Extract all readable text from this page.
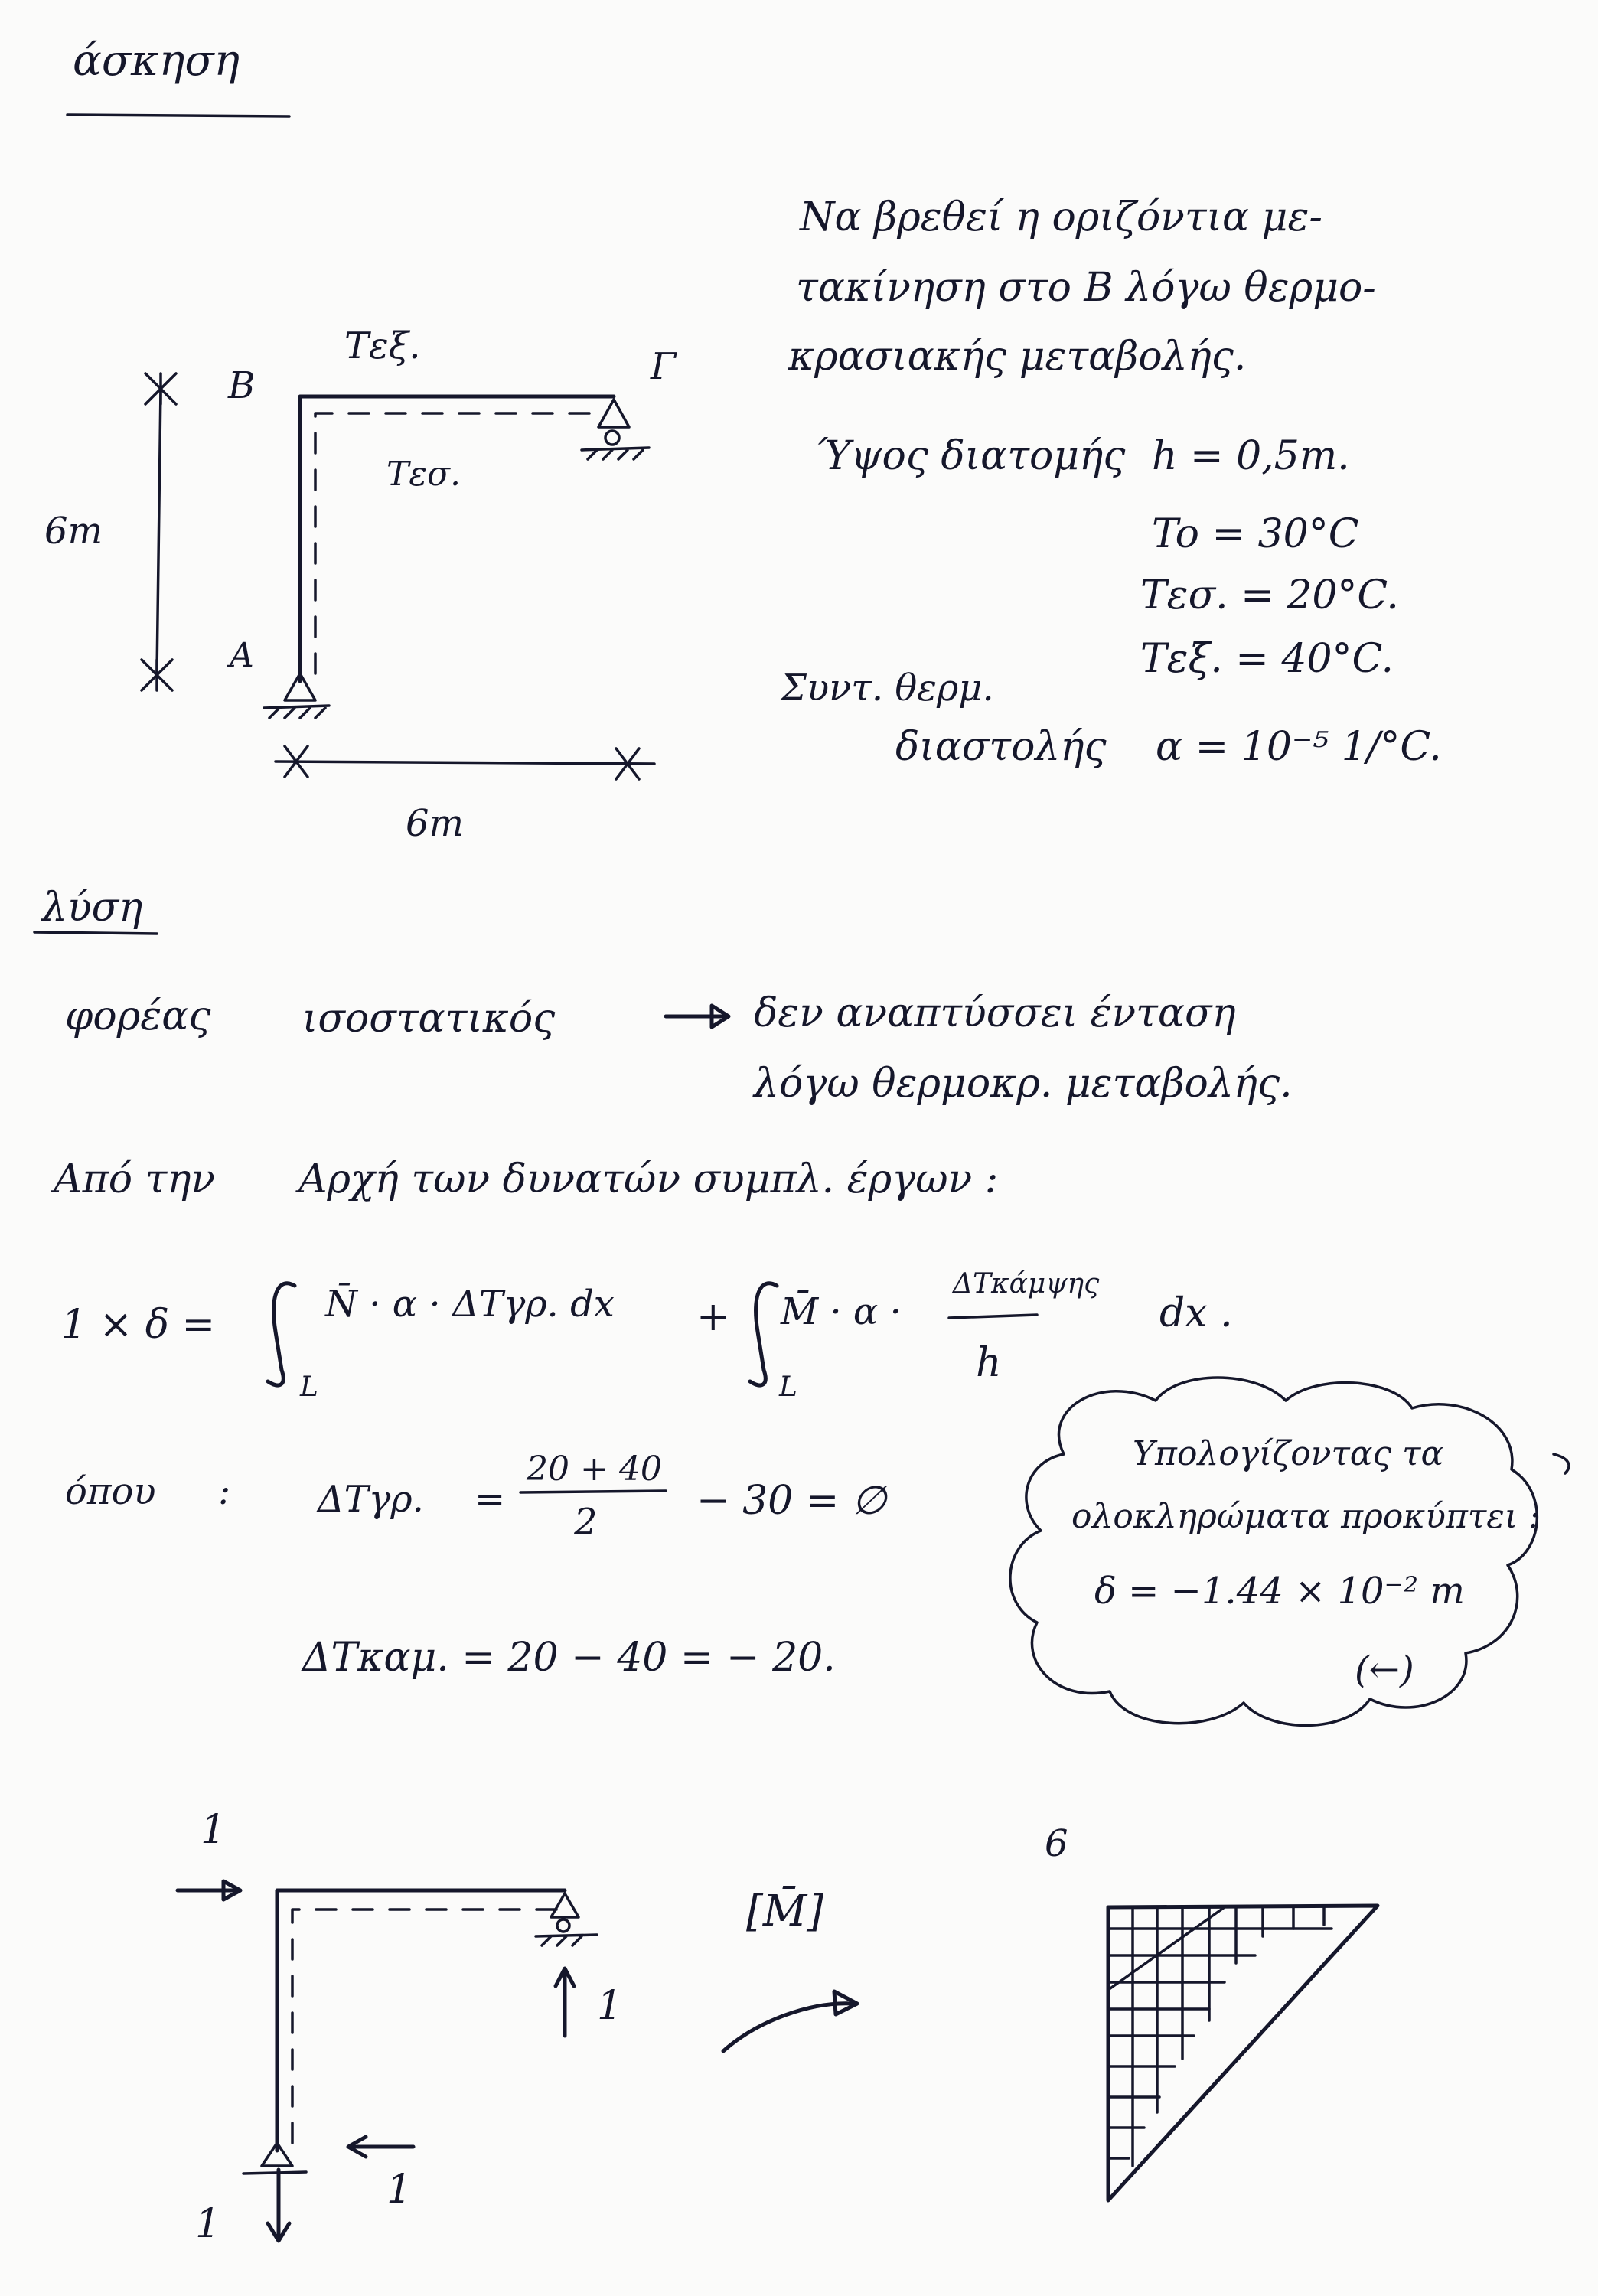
άσκηση
Να βρεθεί η οριζόντια με-
τακίνηση στο Β λόγω θερμο-
κρασιακής μεταβολής.
Ύψος διατομής h = 0,5m.
To = 30°C
Tεσ. = 20°C.
Tεξ. = 40°C.
Συντ. θερμ.
διαστολής α = 10⁻⁵ 1/°C.
B
Tεξ.	Γ
Tεσ.
6m
A
6m
λύση
φορέας ισοστατικός	δεν αναπτύσσει ένταση
λόγω θερμοκρ. μεταβολής.
Από την Αρχή των δυνατών συμπλ. έργων :
1 × δ =	N̄ · α · ΔTγρ. dx
L
+ M̄ · α ·
L
ΔTκάμψης
h
dx .
όπου : ΔTγρ. =
20 + 40
2 − 30 = ∅
ΔTκαμ. = 20 − 40 = − 20.
Υπολογίζοντας τα
ολοκληρώματα προκύπτει :
δ = −1.44 × 10⁻² m
(←)
1
1
1
1
[M̄]
6
